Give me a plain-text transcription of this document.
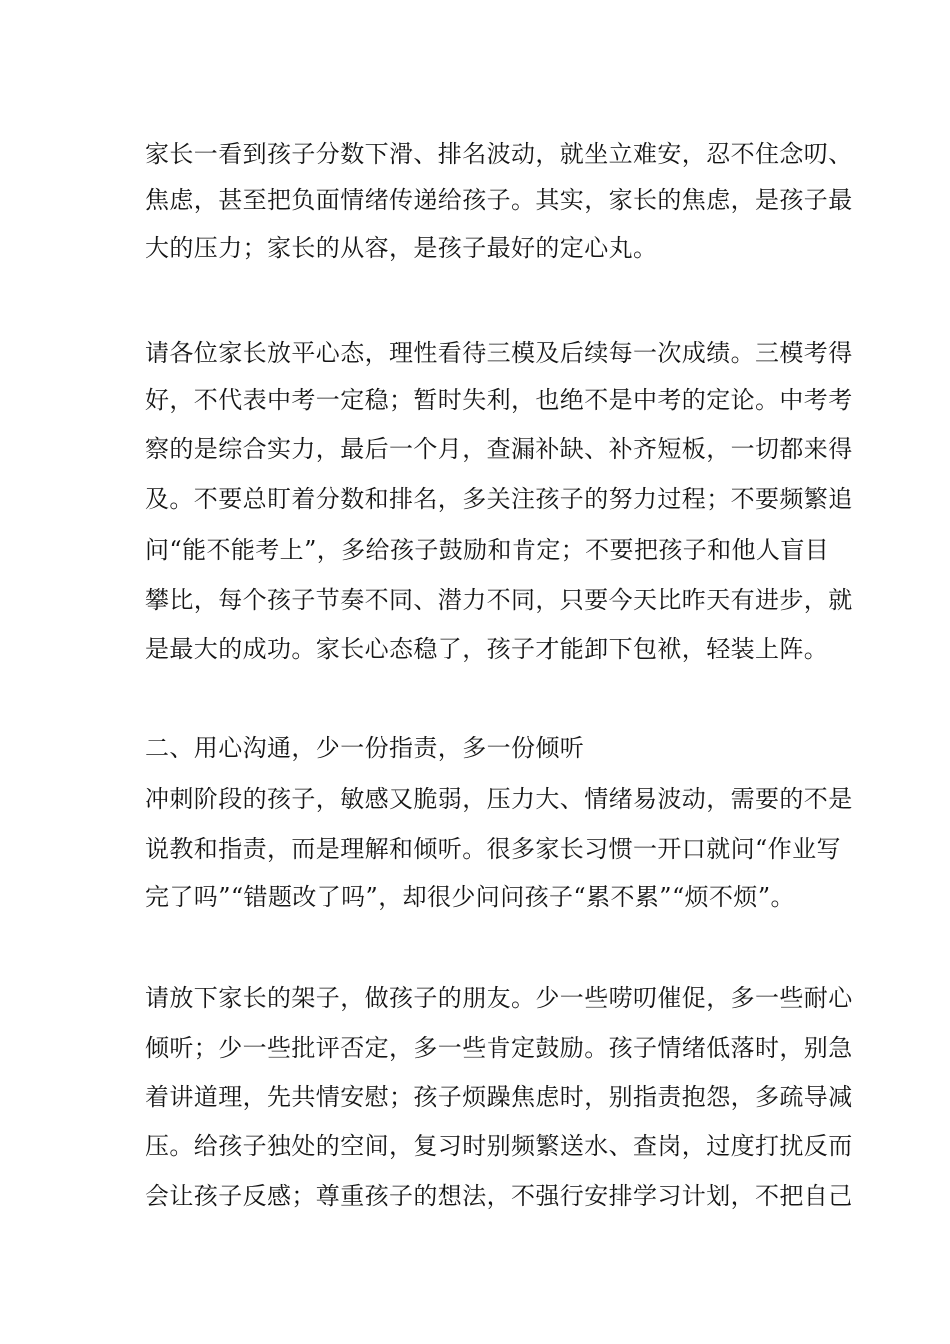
家长一看到孩子分数下滑、排名波动，就坐立难安，忍不住念叨、
焦虑，甚至把负面情绪传递给孩子。其实，家长的焦虑，是孩子最
大的压力；家长的从容，是孩子最好的定心丸。
请各位家长放平心态，理性看待三模及后续每一次成绩。三模考得
好，不代表中考一定稳；暂时失利，也绝不是中考的定论。中考考
察的是综合实力，最后一个月，查漏补缺、补齐短板，一切都来得
及。不要总盯着分数和排名，多关注孩子的努力过程；不要频繁追
问“能不能考上”，多给孩子鼓励和肯定；不要把孩子和他人盲目
攀比，每个孩子节奏不同、潜力不同，只要今天比昨天有进步，就
是最大的成功。家长心态稳了，孩子才能卸下包袱，轻装上阵。
二、用心沟通，少一份指责，多一份倾听
冲刺阶段的孩子，敏感又脆弱，压力大、情绪易波动，需要的不是
说教和指责，而是理解和倾听。很多家长习惯一开口就问“作业写
完了吗”“错题改了吗”，却很少问问孩子“累不累”“烦不烦”。
请放下家长的架子，做孩子的朋友。少一些唠叨催促，多一些耐心
倾听；少一些批评否定，多一些肯定鼓励。孩子情绪低落时，别急
着讲道理，先共情安慰；孩子烦躁焦虑时，别指责抱怨，多疏导减
压。给孩子独处的空间，复习时别频繁送水、查岗，过度打扰反而
会让孩子反感；尊重孩子的想法，不强行安排学习计划，不把自己
